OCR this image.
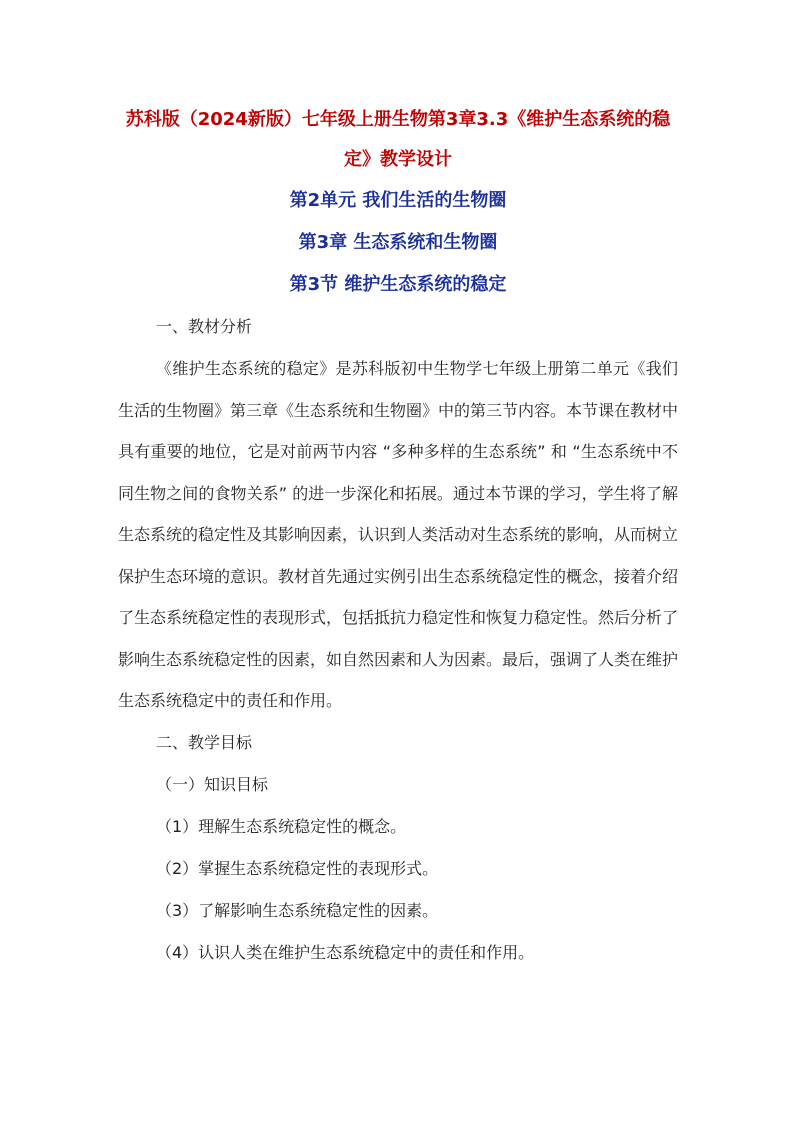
苏科版（2024新版）七年级上册生物第3章3.3《维护生态系统的稳定》教学设计

第2单元 我们生活的生物圈

第3章 生态系统和生物圈

第3节 维护生态系统的稳定

一、教材分析

《维护生态系统的稳定》是苏科版初中生物学七年级上册第二单元《我们生活的生物圈》第三章《生态系统和生物圈》中的第三节内容。本节课在教材中具有重要的地位，它是对前两节内容 “多种多样的生态系统” 和 “生态系统中不同生物之间的食物关系” 的进一步深化和拓展。通过本节课的学习，学生将了解生态系统的稳定性及其影响因素，认识到人类活动对生态系统的影响，从而树立保护生态环境的意识。教材首先通过实例引出生态系统稳定性的概念，接着介绍了生态系统稳定性的表现形式，包括抵抗力稳定性和恢复力稳定性。然后分析了影响生态系统稳定性的因素，如自然因素和人为因素。最后，强调了人类在维护生态系统稳定中的责任和作用。

二、教学目标

（一）知识目标

（1）理解生态系统稳定性的概念。

（2）掌握生态系统稳定性的表现形式。

（3）了解影响生态系统稳定性的因素。

（4）认识人类在维护生态系统稳定中的责任和作用。
